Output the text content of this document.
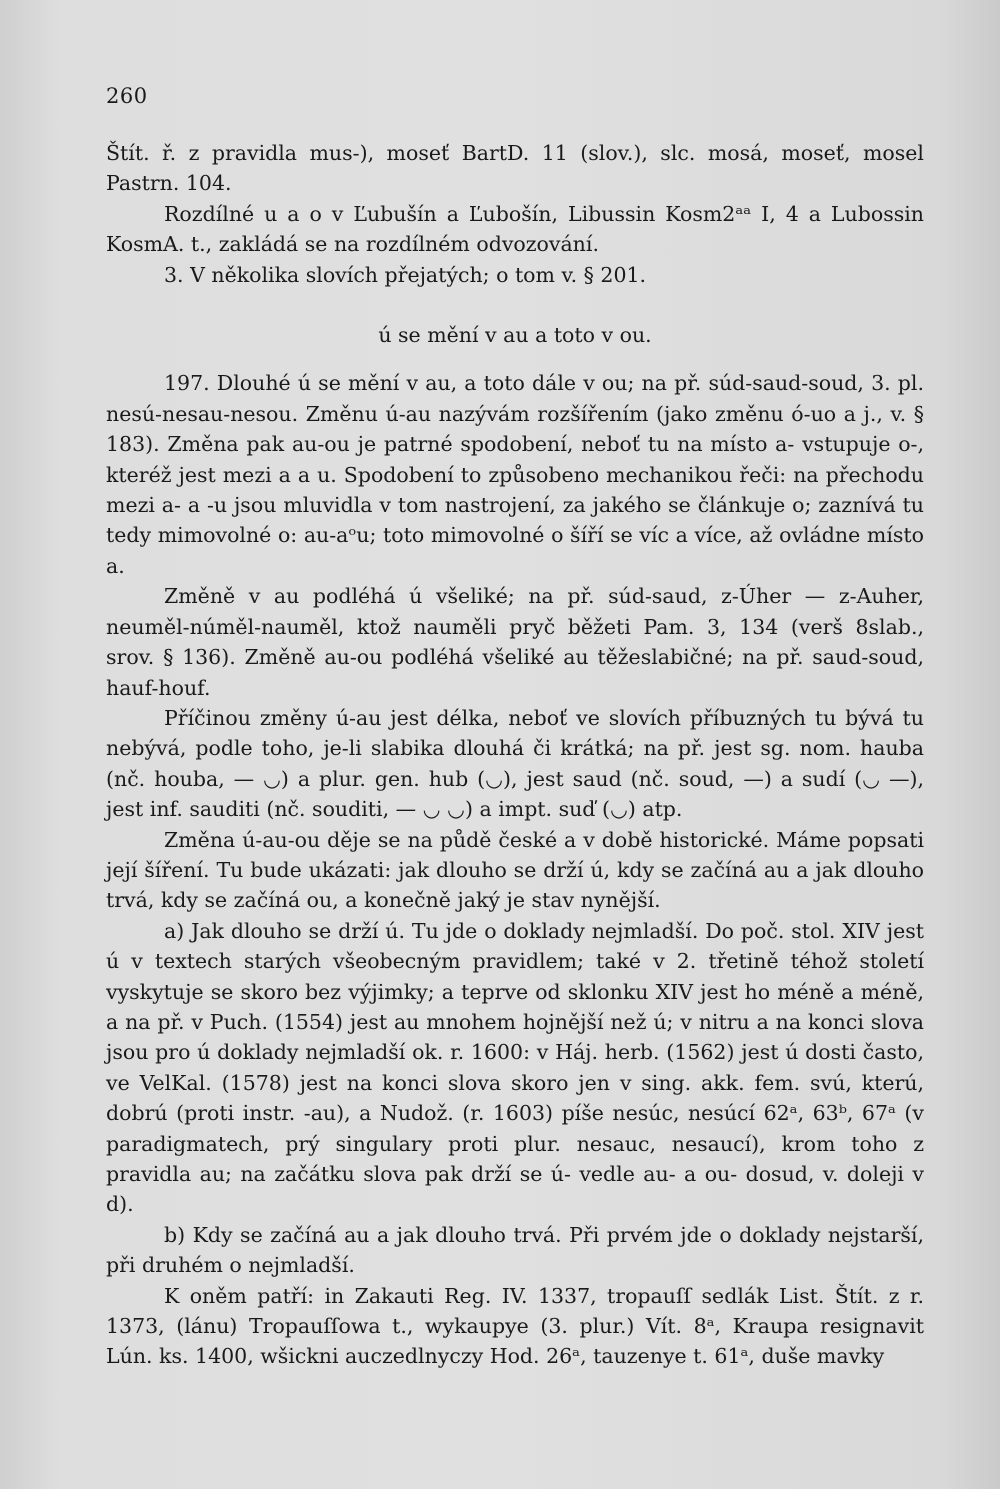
260

Štít. ř. z pravidla mus-), moseť BartD. 11 (slov.), slc. mosá, moseť, mosel Pastrn. 104.

Rozdílné u a o v Ľubušín a Ľubošín, Libussin Kosm2ᵃᵃ I, 4 a Lubossin KosmA. t., zakládá se na rozdílném odvozování.

3. V několika slovích přejatých; o tom v. § 201.

ú se mění v au a toto v ou.

197. Dlouhé ú se mění v au, a toto dále v ou; na př. súd-saud-soud, 3. pl. nesú-nesau-nesou. Změnu ú-au nazývám rozšířením (jako změnu ó-uo a j., v. § 183). Změna pak au-ou je patrné spodobení, neboť tu na místo a- vstupuje o-, kteréž jest mezi a a u. Spodobení to způsobeno mechanikou řeči: na přechodu mezi a- a -u jsou mluvidla v tom nastrojení, za jakého se článkuje o; zaznívá tu tedy mimovolné o: au-aᵒu; toto mimovolné o šíří se víc a více, až ovládne místo a.

Změně v au podléhá ú všeliké; na př. súd-saud, z-Úher — z-Auher, neuměl-núměl-nauměl, ktož nauměli pryč běžeti Pam. 3, 134 (verš 8slab., srov. § 136). Změně au-ou podléhá všeliké au těžeslabičné; na př. saud-soud, hauf-houf.

Příčinou změny ú-au jest délka, neboť ve slovích příbuzných tu bývá tu nebývá, podle toho, je-li slabika dlouhá či krátká; na př. jest sg. nom. hauba (nč. houba, — ◡) a plur. gen. hub (◡), jest saud (nč. soud, —) a sudí (◡ —), jest inf. sauditi (nč. souditi, — ◡ ◡) a impt. suď (◡) atp.

Změna ú-au-ou děje se na půdě české a v době historické. Máme popsati její šíření. Tu bude ukázati: jak dlouho se drží ú, kdy se začíná au a jak dlouho trvá, kdy se začíná ou, a konečně jaký je stav nynější.

a) Jak dlouho se drží ú. Tu jde o doklady nejmladší. Do poč. stol. XIV jest ú v textech starých všeobecným pravidlem; také v 2. třetině téhož století vyskytuje se skoro bez výjimky; a teprve od sklonku XIV jest ho méně a méně, a na př. v Puch. (1554) jest au mnohem hojnější než ú; v nitru a na konci slova jsou pro ú doklady nejmladší ok. r. 1600: v Háj. herb. (1562) jest ú dosti často, ve VelKal. (1578) jest na konci slova skoro jen v sing. akk. fem. svú, kterú, dobrú (proti instr. -au), a Nudož. (r. 1603) píše nesúc, nesúcí 62ᵃ, 63ᵇ, 67ᵃ (v paradigmatech, prý singulary proti plur. nesauc, nesaucí), krom toho z pravidla au; na začátku slova pak drží se ú- vedle au- a ou- dosud, v. doleji v d).

b) Kdy se začíná au a jak dlouho trvá. Při prvém jde o doklady nejstarší, při druhém o nejmladší.

K oněm patří: in Zakauti Reg. IV. 1337, tropauſſ sedlák List. Štít. z r. 1373, (lánu) Tropauſſowa t., wykaupye (3. plur.) Vít. 8ᵃ, Kraupa resignavit Lún. ks. 1400, wšickni auczedlnyczy Hod. 26ᵃ, tauzenye t. 61ᵃ, duše mavky
